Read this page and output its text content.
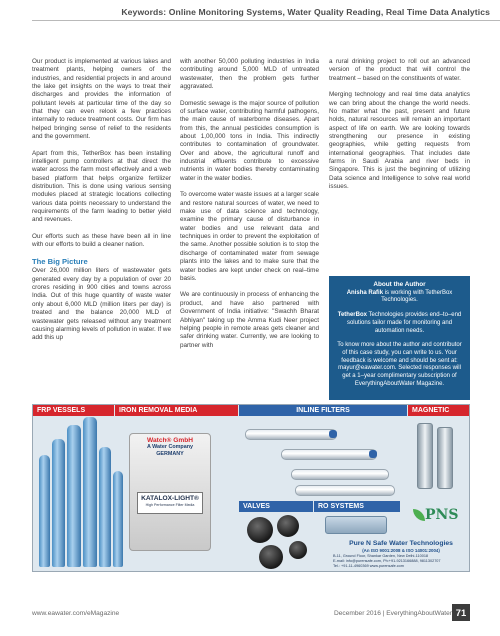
Keywords: Online Monitoring Systems, Water Quality Reading, Real Time Data Analytics

Our product is implemented at various lakes and treatment plants, helping owners of the industries, and residential projects in and around the lake get insights on the ways to treat their discharges and provides the information of pollutant levels at particular time of the day so that they can even relook a few practices internally to reduce treatment costs. Our firm has helped bringing sense of relief to the residents and the government.

Apart from this, TetherBox has been installing intelligent pump controllers at that direct the water across the farm most effectively and a web based platform that helps organize fertilizer distribution. This is done using various sensing modules placed at strategic locations collecting various data points necessary to understand the requirements of the farm leading to better yield and revenues.

Our efforts such as these have been all in line with our efforts to build a cleaner nation.

The Big Picture

Over 26,000 million liters of wastewater gets generated every day by a population of over 20 crores residing in 900 cities and towns across India. Out of this huge quantity of waste water only about 6,000 MLD (million liters per day) is treated and the balance 20,000 MLD of wastewater gets released without any treatment causing alarming levels of pollution in water. If we add this up

with another 50,000 polluting industries in India contributing around 5,000 MLD of untreated wastewater, then the problem gets further aggravated.

Domestic sewage is the major source of pollution of surface water, contributing harmful pathogens, the main cause of waterborne diseases. Apart from this, the annual pesticides consumption is about 1,00,000 tons in India. This indirectly contributes to contamination of groundwater. Over and above, the agricultural runoff and industrial effluents contribute to excessive nutrients in water bodies thereby contaminating water in the water bodies.

To overcome water waste issues at a larger scale and restore natural sources of water, we need to make use of data science and technology, examine the primary cause of disturbance in water bodies and use relevant data and techniques in order to prevent the exploitation of the same. Another possible solution is to stop the discharge of contaminated water from sewage plants into the lakes and to make sure that the water bodies are kept under check on real–time basis.

We are continuously in process of enhancing the product, and have also partnered with Government of India initiative: "Swachh Bharat Abhiyan" taking up the Amma Kudi Neer project helping people in remote areas gets cleaner and safer drinking water. Currently, we are looking to partner with

a rural drinking project to roll out an advanced version of the product that will control the treatment – based on the constituents of water.

Merging technology and real time data analytics we can bring about the change the world needs. No matter what the past, present and future holds, natural resources will remain an important aspect of life on earth. We are looking towards strengthening our presence in existing geographies, while getting requests from international geographies. That includes date farms in Saudi Arabia and river beds in Singapore. This is just the beginning of utilizing Data science and Intelligence to solve real world issues.

About the Author
Anisha Rafik is working with TetherBox Technologies.

TetherBox Technologies provides end–to–end solutions tailor made for monitoring and automation needs.

To know more about the author and contributor of this case study, you can write to us. Your feedback is welcome and should be sent at: mayur@eawater.com. Selected responses will get a 1–year complimentary subscription of EverythingAboutWater Magazine.

FRP VESSELS	IRON REMOVAL MEDIA	INLINE FILTERS	MAGNETIC
Watch® GmbH
A Water Company
GERMANY
KATALOX-LIGHT®
High Performance Filter Media	VALVES	RO SYSTEMS
PNS
Pure N Safe Water Technologies
(An ISO 9001:2008 & ISO 14001:2004)
B-11, Ground Floor, Shankar Garden, New Delhi-110018
E-mail: info@purensafe.com, Ph:+91-9213166888, 9811302707
Tel.: +91-11-4960369 www.purensafe.com
www.eawater.com/eMagazine	December 2016 | EverythingAboutWater 71
